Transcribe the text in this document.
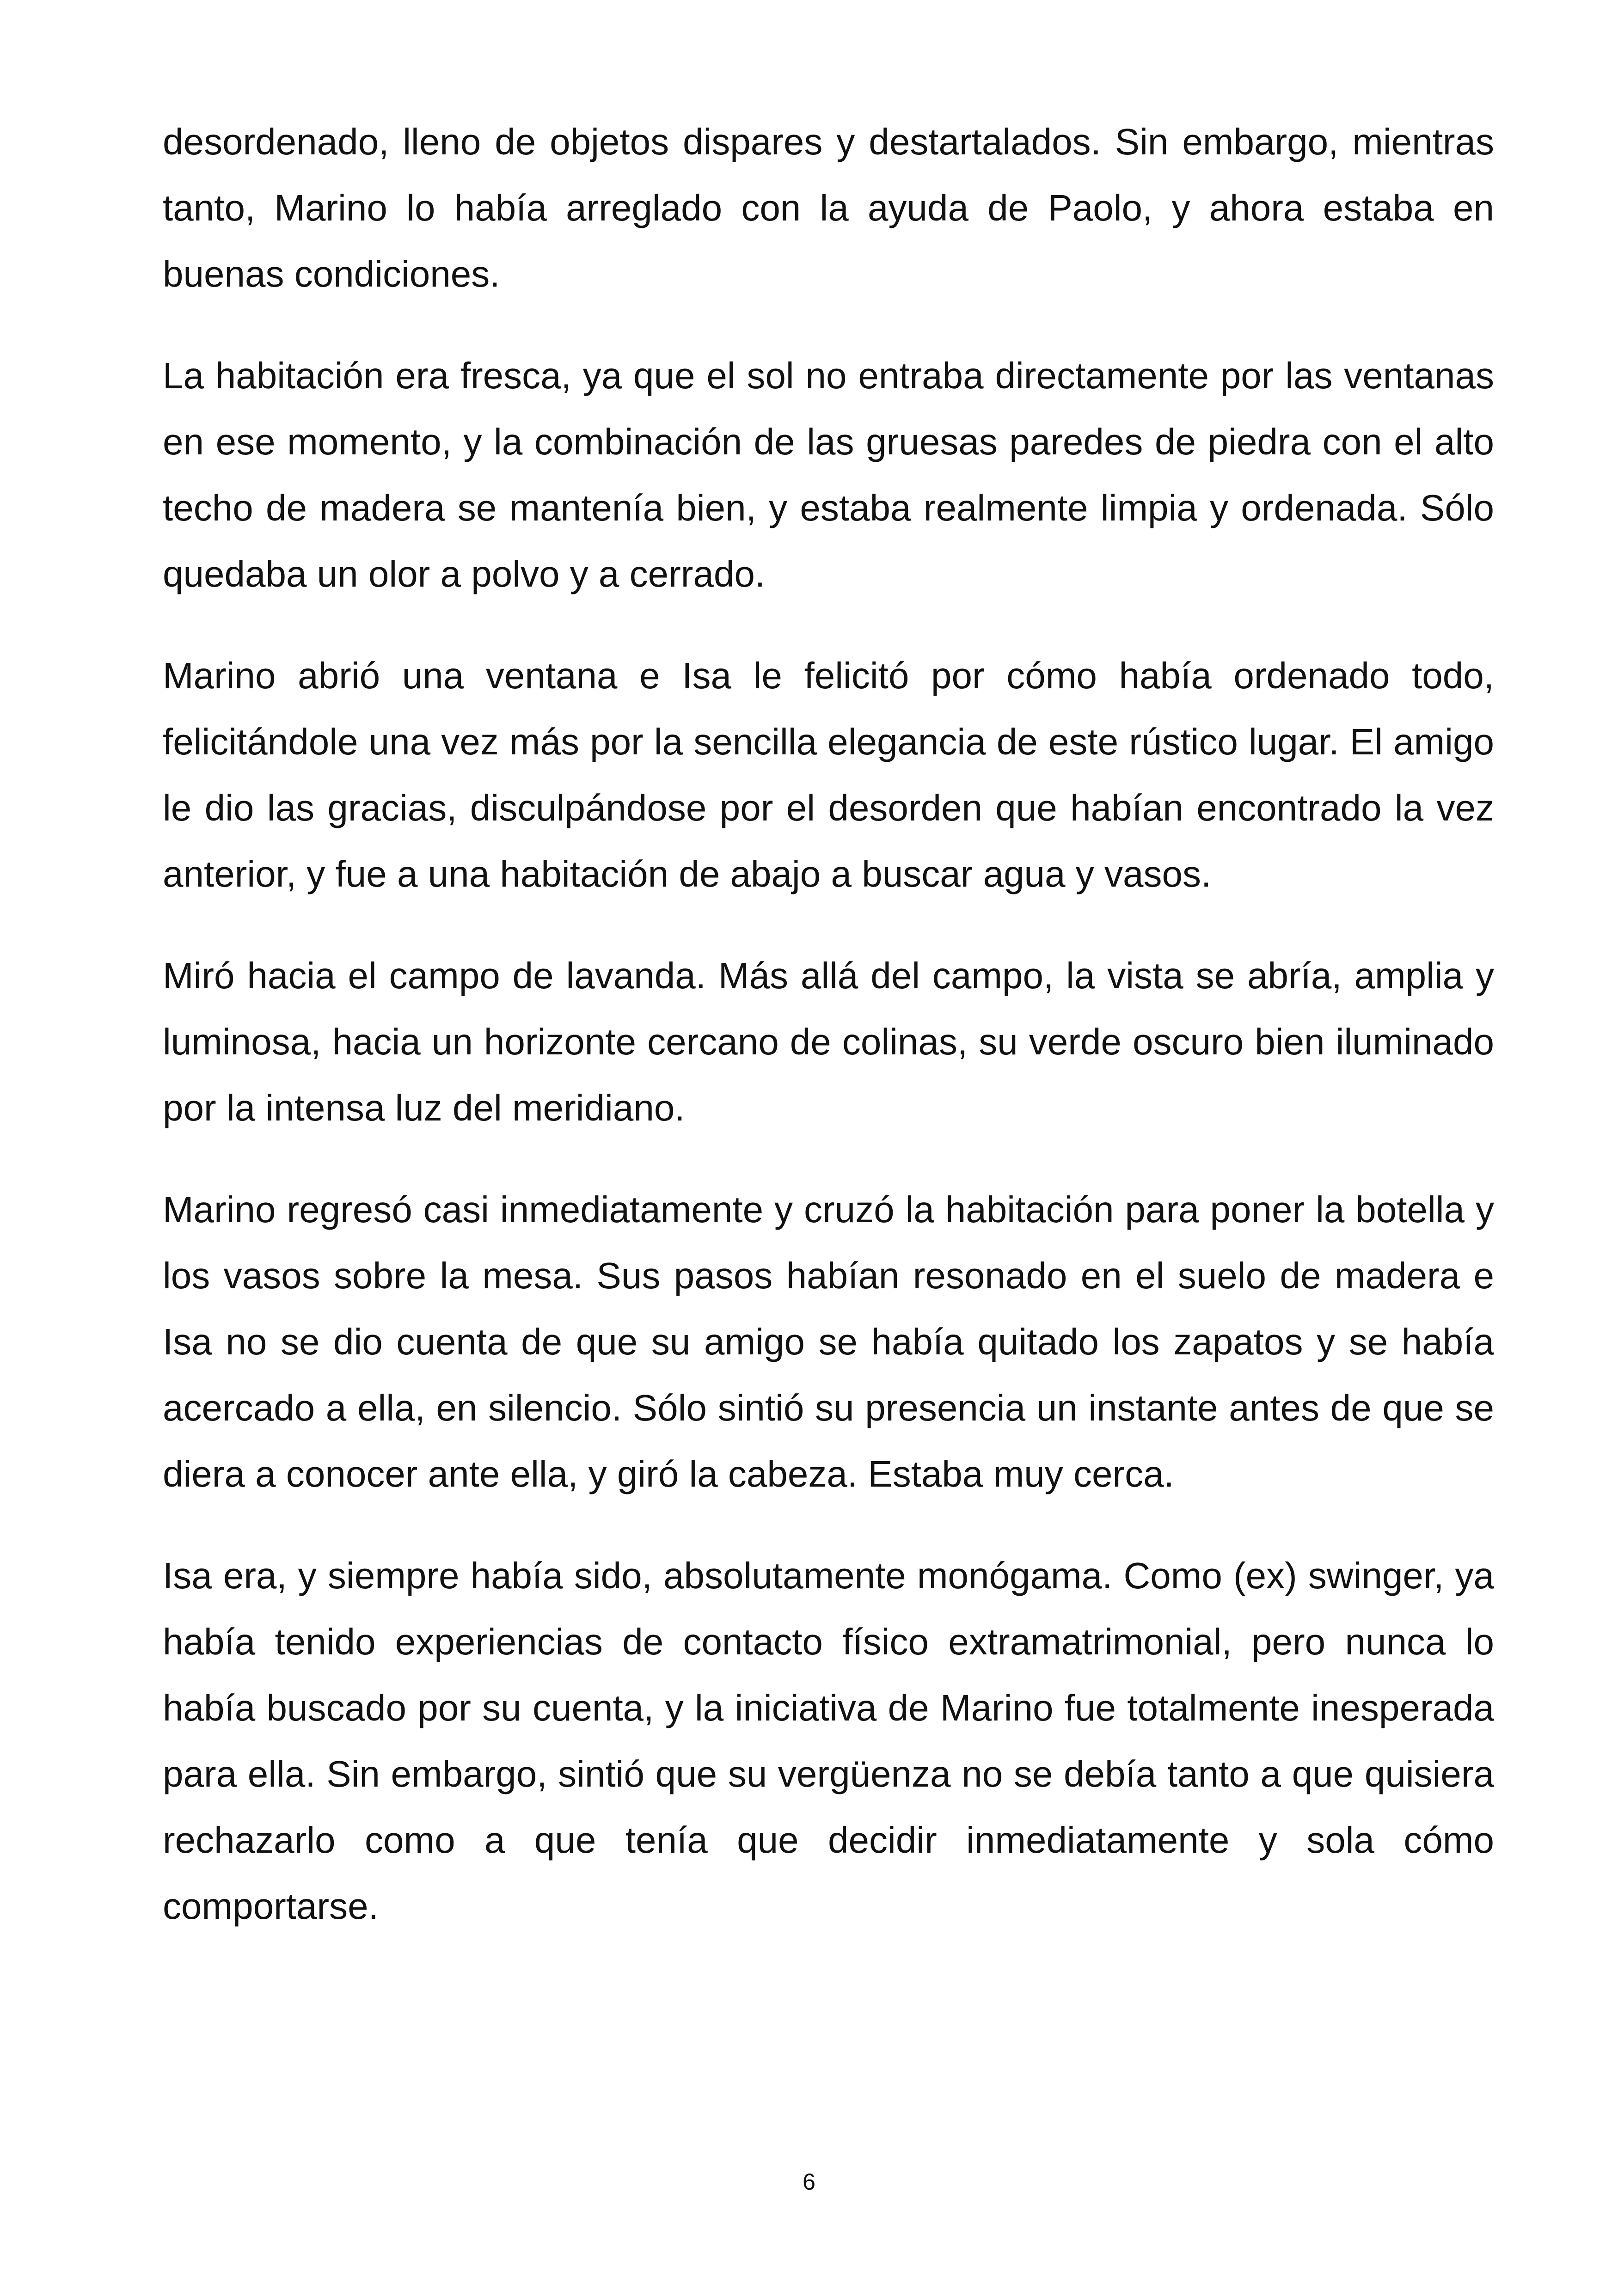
desordenado, lleno de objetos dispares y destartalados. Sin embargo, mientras tanto, Marino lo había arreglado con la ayuda de Paolo, y ahora estaba en buenas condiciones.

La habitación era fresca, ya que el sol no entraba directamente por las ventanas en ese momento, y la combinación de las gruesas paredes de piedra con el alto techo de madera se mantenía bien, y estaba realmente limpia y ordenada. Sólo quedaba un olor a polvo y a cerrado.

Marino abrió una ventana e Isa le felicitó por cómo había ordenado todo, felicitándole una vez más por la sencilla elegancia de este rústico lugar. El amigo le dio las gracias, disculpándose por el desorden que habían encontrado la vez anterior, y fue a una habitación de abajo a buscar agua y vasos.

Miró hacia el campo de lavanda. Más allá del campo, la vista se abría, amplia y luminosa, hacia un horizonte cercano de colinas, su verde oscuro bien iluminado por la intensa luz del meridiano.

Marino regresó casi inmediatamente y cruzó la habitación para poner la botella y los vasos sobre la mesa. Sus pasos habían resonado en el suelo de madera e Isa no se dio cuenta de que su amigo se había quitado los zapatos y se había acercado a ella, en silencio. Sólo sintió su presencia un instante antes de que se diera a conocer ante ella, y giró la cabeza. Estaba muy cerca.

Isa era, y siempre había sido, absolutamente monógama. Como (ex) swinger, ya había tenido experiencias de contacto físico extramatrimonial, pero nunca lo había buscado por su cuenta, y la iniciativa de Marino fue totalmente inesperada para ella. Sin embargo, sintió que su vergüenza no se debía tanto a que quisiera rechazarlo como a que tenía que decidir inmediatamente y sola cómo comportarse.

6
